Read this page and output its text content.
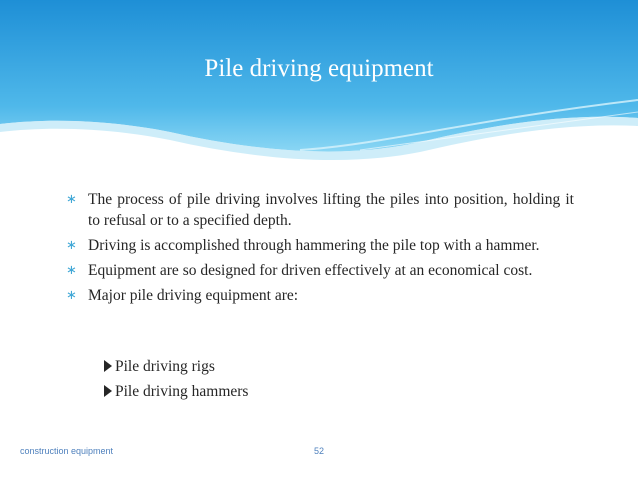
Pile driving equipment
∗ The process of pile driving involves lifting the piles into position, holding it to refusal or to a specified depth.
∗ Driving is accomplished through hammering the pile top with a hammer.
∗ Equipment are so designed for driven effectively at an economical cost.
∗ Major pile driving equipment are:
Pile driving rigs
Pile driving hammers
construction equipment	52
